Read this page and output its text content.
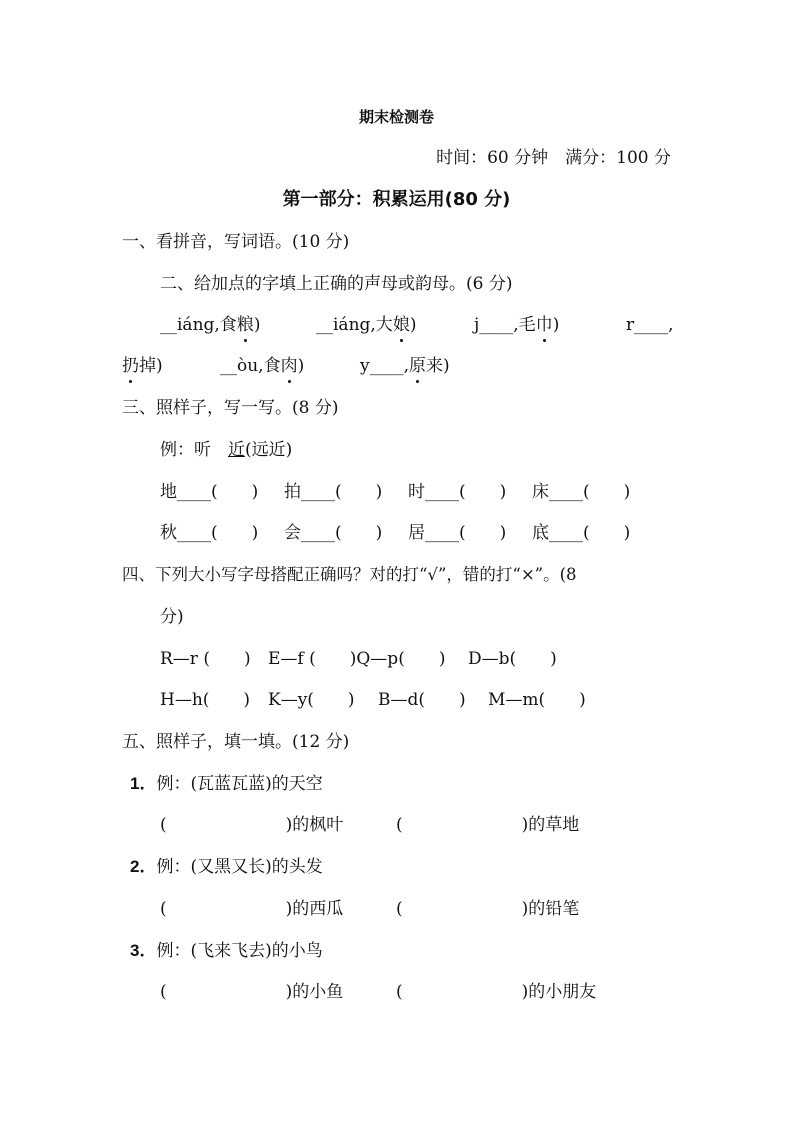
期末检测卷
时间：60 分钟　满分：100 分
第一部分：积累运用(80 分)
一、看拼音，写词语。(10 分)
二、给加点的字填上正确的声母或韵母。(6 分)
__iáng,食粮)	__iáng,大娘)	j____,毛巾)	r____,
扔掉)	__òu,食肉)	y____,原来)
三、照样子，写一写。(8 分)
例：听　近(远近)
地____(　　) 拍____(　　) 时____(　　) 床____(　　)
秋____(　　) 会____(　　) 居____(　　) 底____(　　)
四、下列大小写字母搭配正确吗？对的打“√”，错的打“×”。(8
分)
R—r (　　) E—f (　　)Q—p(　　) D—b(　　)
H—h(　　) K—y(　　) B—d(　　) M—m(　　)
五、照样子，填一填。(12 分)
1．例：(瓦蓝瓦蓝)的天空
(　　　　　　　)的枫叶	(　　　　　　　)的草地
2．例：(又黑又长)的头发
(　　　　　　　)的西瓜	(　　　　　　　)的铅笔
3．例：(飞来飞去)的小鸟
(　　　　　　　)的小鱼	(　　　　　　　)的小朋友
